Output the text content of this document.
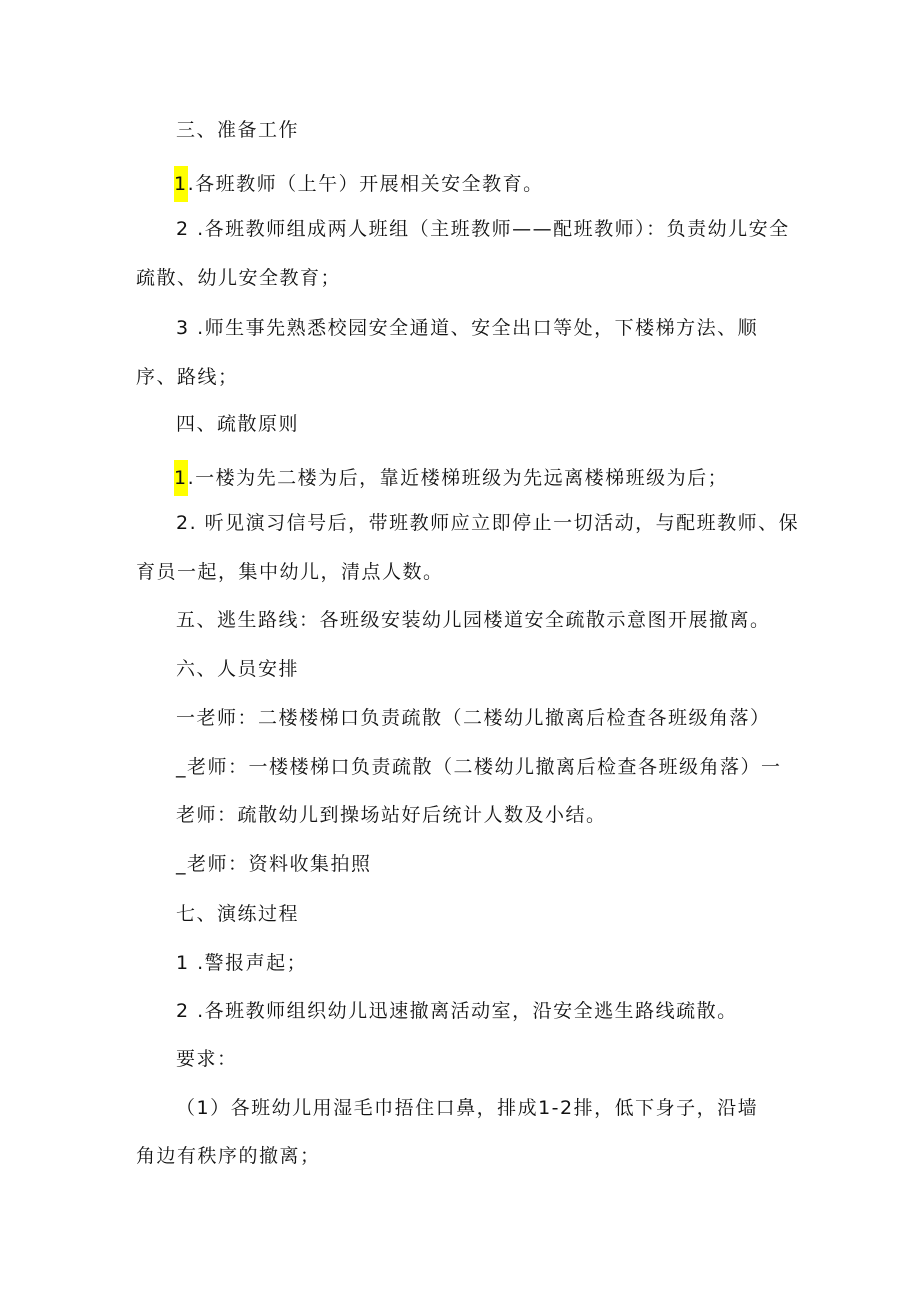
三、准备工作
1.各班教师（上午）开展相关安全教育。
2 .各班教师组成两人班组（主班教师——配班教师）：负责幼儿安全
疏散、幼儿安全教育；
3 .师生事先熟悉校园安全通道、安全出口等处，下楼梯方法、顺
序、路线；
四、疏散原则
1.一楼为先二楼为后，靠近楼梯班级为先远离楼梯班级为后；
2. 听见演习信号后，带班教师应立即停止一切活动，与配班教师、保
育员一起，集中幼儿，清点人数。
五、逃生路线：各班级安装幼儿园楼道安全疏散示意图开展撤离。
六、人员安排
一老师：二楼楼梯口负责疏散（二楼幼儿撤离后检査各班级角落）
_老师：一楼楼梯口负责疏散（二楼幼儿撤离后检查各班级角落）一
老师：疏散幼儿到操场站好后统计人数及小结。
_老师：资料收集拍照
七、演练过程
1 .警报声起；
2 .各班教师组织幼儿迅速撤离活动室，沿安全逃生路线疏散。
要求：
（1）各班幼儿用湿毛巾捂住口鼻，排成1-2排，低下身子，沿墙
角边有秩序的撤离；
